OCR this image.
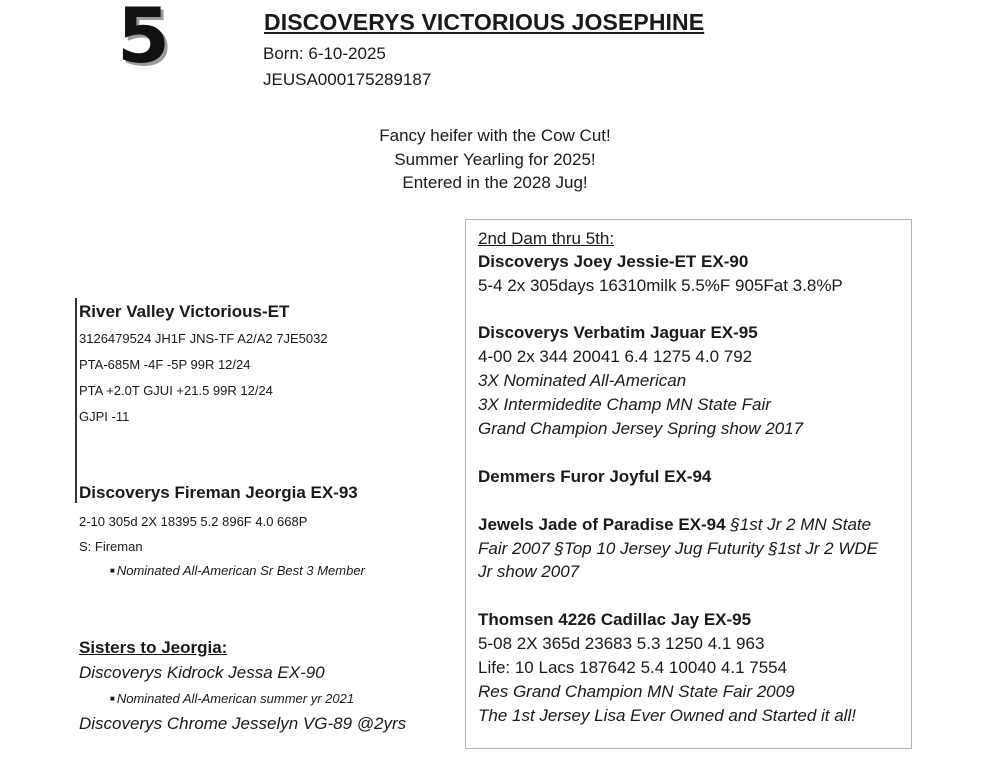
5	DISCOVERYS VICTORIOUS JOSEPHINE
Born: 6-10-2025
JEUSA000175289187
Fancy heifer with the Cow Cut!
Summer Yearling for 2025!
Entered in the 2028 Jug!
River Valley Victorious-ET
3126479524 JH1F JNS-TF A2/A2 7JE5032
PTA-685M -4F -5P 99R 12/24
PTA +2.0T GJUI +21.5 99R 12/24
GJPI -11
Discoverys Fireman Jeorgia EX-93
2-10 305d 2X 18395 5.2 896F 4.0 668P
S: Fireman
■ Nominated All-American Sr Best 3 Member
Sisters to Jeorgia:
Discoverys Kidrock Jessa EX-90
■ Nominated All-American summer yr 2021
Discoverys Chrome Jesselyn VG-89 @2yrs
2nd Dam thru 5th:
Discoverys Joey Jessie-ET EX-90
5-4 2x 305days 16310milk 5.5%F 905Fat 3.8%P
Discoverys Verbatim Jaguar EX-95
4-00 2x 344 20041 6.4 1275 4.0 792
3X Nominated All-American
3X Intermidedite Champ MN State Fair
Grand Champion Jersey Spring show 2017
Demmers Furor Joyful EX-94
Jewels Jade of Paradise EX-94 §1st Jr 2 MN State
Fair 2007 §Top 10 Jersey Jug Futurity §1st Jr 2 WDE
Jr show 2007
Thomsen 4226 Cadillac Jay EX-95
5-08 2X 365d 23683 5.3 1250 4.1 963
Life: 10 Lacs 187642 5.4 10040 4.1 7554
Res Grand Champion MN State Fair 2009
The 1st Jersey Lisa Ever Owned and Started it all!
